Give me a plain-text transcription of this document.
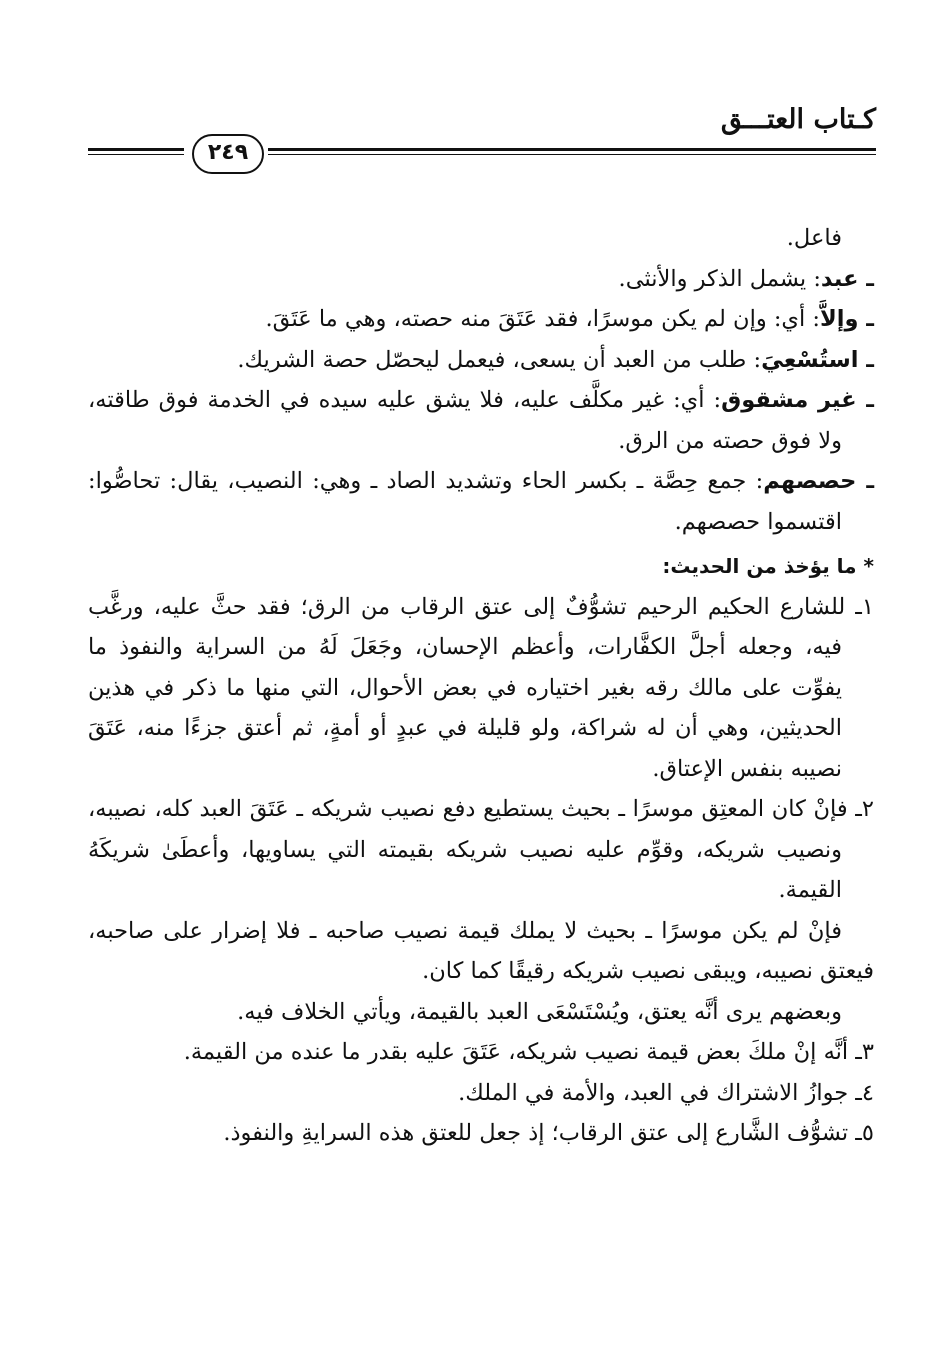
كـتاب العتـــق
٢٤٩

فاعل.

ـ عبد: يشمل الذكر والأنثى.

ـ وإلاَّ: أي: وإن لم يكن موسرًا، فقد عَتَقَ منه حصته، وهي ما عَتَقَ.

ـ استُسْعِيَ: طلب من العبد أن يسعى، فيعمل ليحصّل حصة الشريك.

ـ غير مشقوق: أي: غير مكلَّف عليه، فلا يشق عليه سيده في الخدمة فوق طاقته، ولا فوق حصته من الرق.

ـ حصصهم: جمع حِصَّة ـ بكسر الحاء وتشديد الصاد ـ وهي: النصيب، يقال: تحاصُّوا: اقتسموا حصصهم.

* ما يؤخذ من الحديث:

١ـ للشارع الحكيم الرحيم تشوُّفٌ إلى عتق الرقاب من الرق؛ فقد حثَّ عليه، ورغَّب فيه، وجعله أجلَّ الكفَّارات، وأعظم الإحسان، وجَعَلَ لَهُ من السراية والنفوذ ما يفوِّت على مالك رقه بغير اختياره في بعض الأحوال، التي منها ما ذكر في هذين الحديثين، وهي أن له شراكة، ولو قليلة في عبدٍ أو أمةٍ، ثم أعتق جزءًا منه، عَتَقَ نصيبه بنفس الإعتاق.

٢ـ فإنْ كان المعتِق موسرًا ـ بحيث يستطيع دفع نصيب شريكه ـ عَتَقَ العبد كله، نصيبه، ونصيب شريكه، وقوِّم عليه نصيب شريكه بقيمته التي يساويها، وأعطَىٰ شريكَهُ القيمة.

فإنْ لم يكن موسرًا ـ بحيث لا يملك قيمة نصيب صاحبه ـ فلا إضرار على صاحبه، فيعتق نصيبه، ويبقى نصيب شريكه رقيقًا كما كان.

وبعضهم يرى أنَّه يعتق، ويُسْتَسْعَى العبد بالقيمة، ويأتي الخلاف فيه.

٣ـ أنَّه إنْ ملكَ بعض قيمة نصيب شريكه، عَتَقَ عليه بقدر ما عنده من القيمة.

٤ـ جوازُ الاشتراك في العبد، والأمة في الملك.

٥ـ تشوُّف الشَّارع إلى عتق الرقاب؛ إذ جعل للعتق هذه السرايةِ والنفوذ.
